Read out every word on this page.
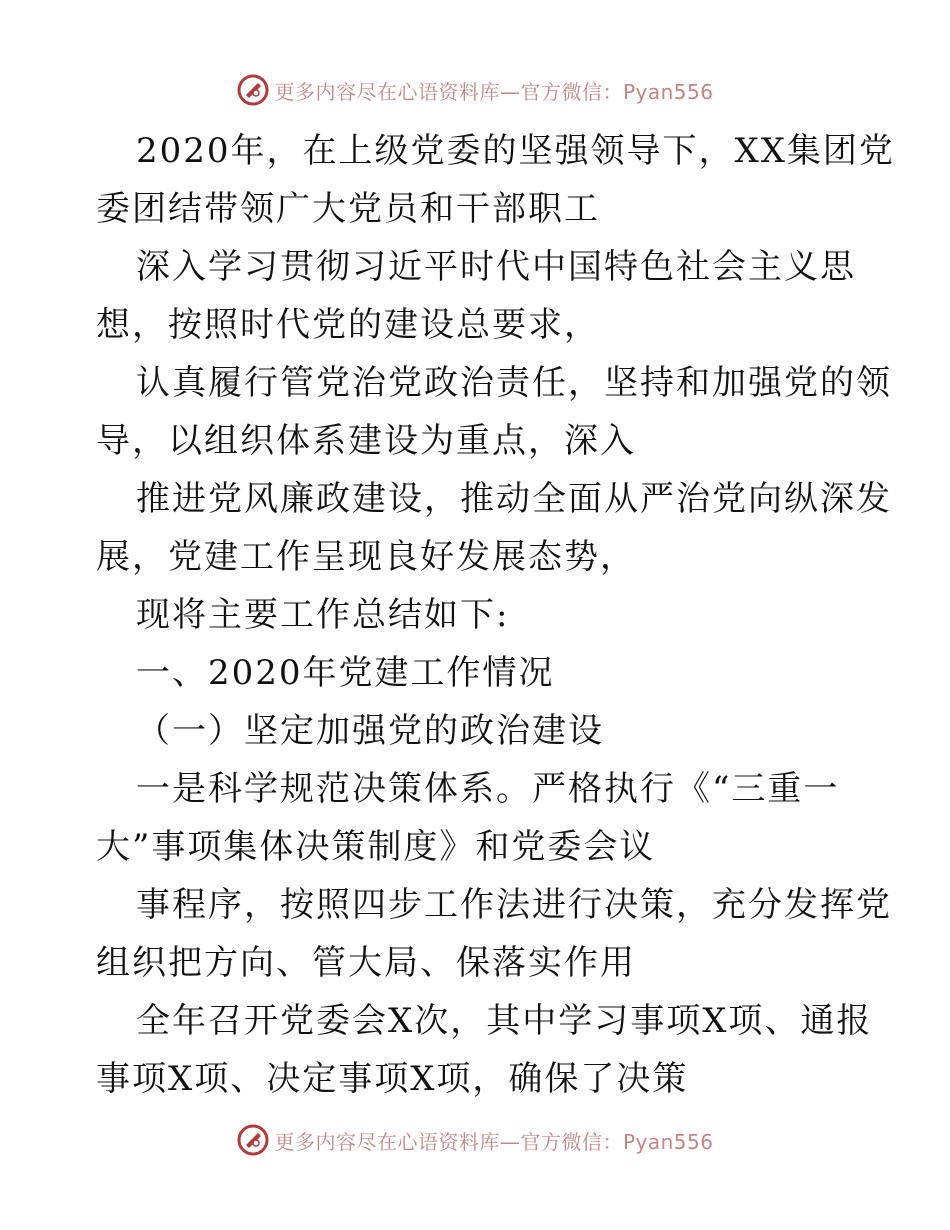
更多内容尽在心语资料库—官方微信：Pyan556
2020年，在上级党委的坚强领导下，XX集团党
委团结带领广大党员和干部职工
深入学习贯彻习近平时代中国特色社会主义思
想，按照时代党的建设总要求，
认真履行管党治党政治责任，坚持和加强党的领
导，以组织体系建设为重点，深入
推进党风廉政建设，推动全面从严治党向纵深发
展，党建工作呈现良好发展态势，
现将主要工作总结如下:
一、2020年党建工作情况
（一）坚定加强党的政治建设
一是科学规范决策体系。严格执行《“三重一
大”事项集体决策制度》和党委会议
事程序，按照四步工作法进行决策，充分发挥党
组织把方向、管大局、保落实作用
全年召开党委会X次，其中学习事项X项、通报
事项X项、决定事项X项，确保了决策
更多内容尽在心语资料库—官方微信：Pyan556
